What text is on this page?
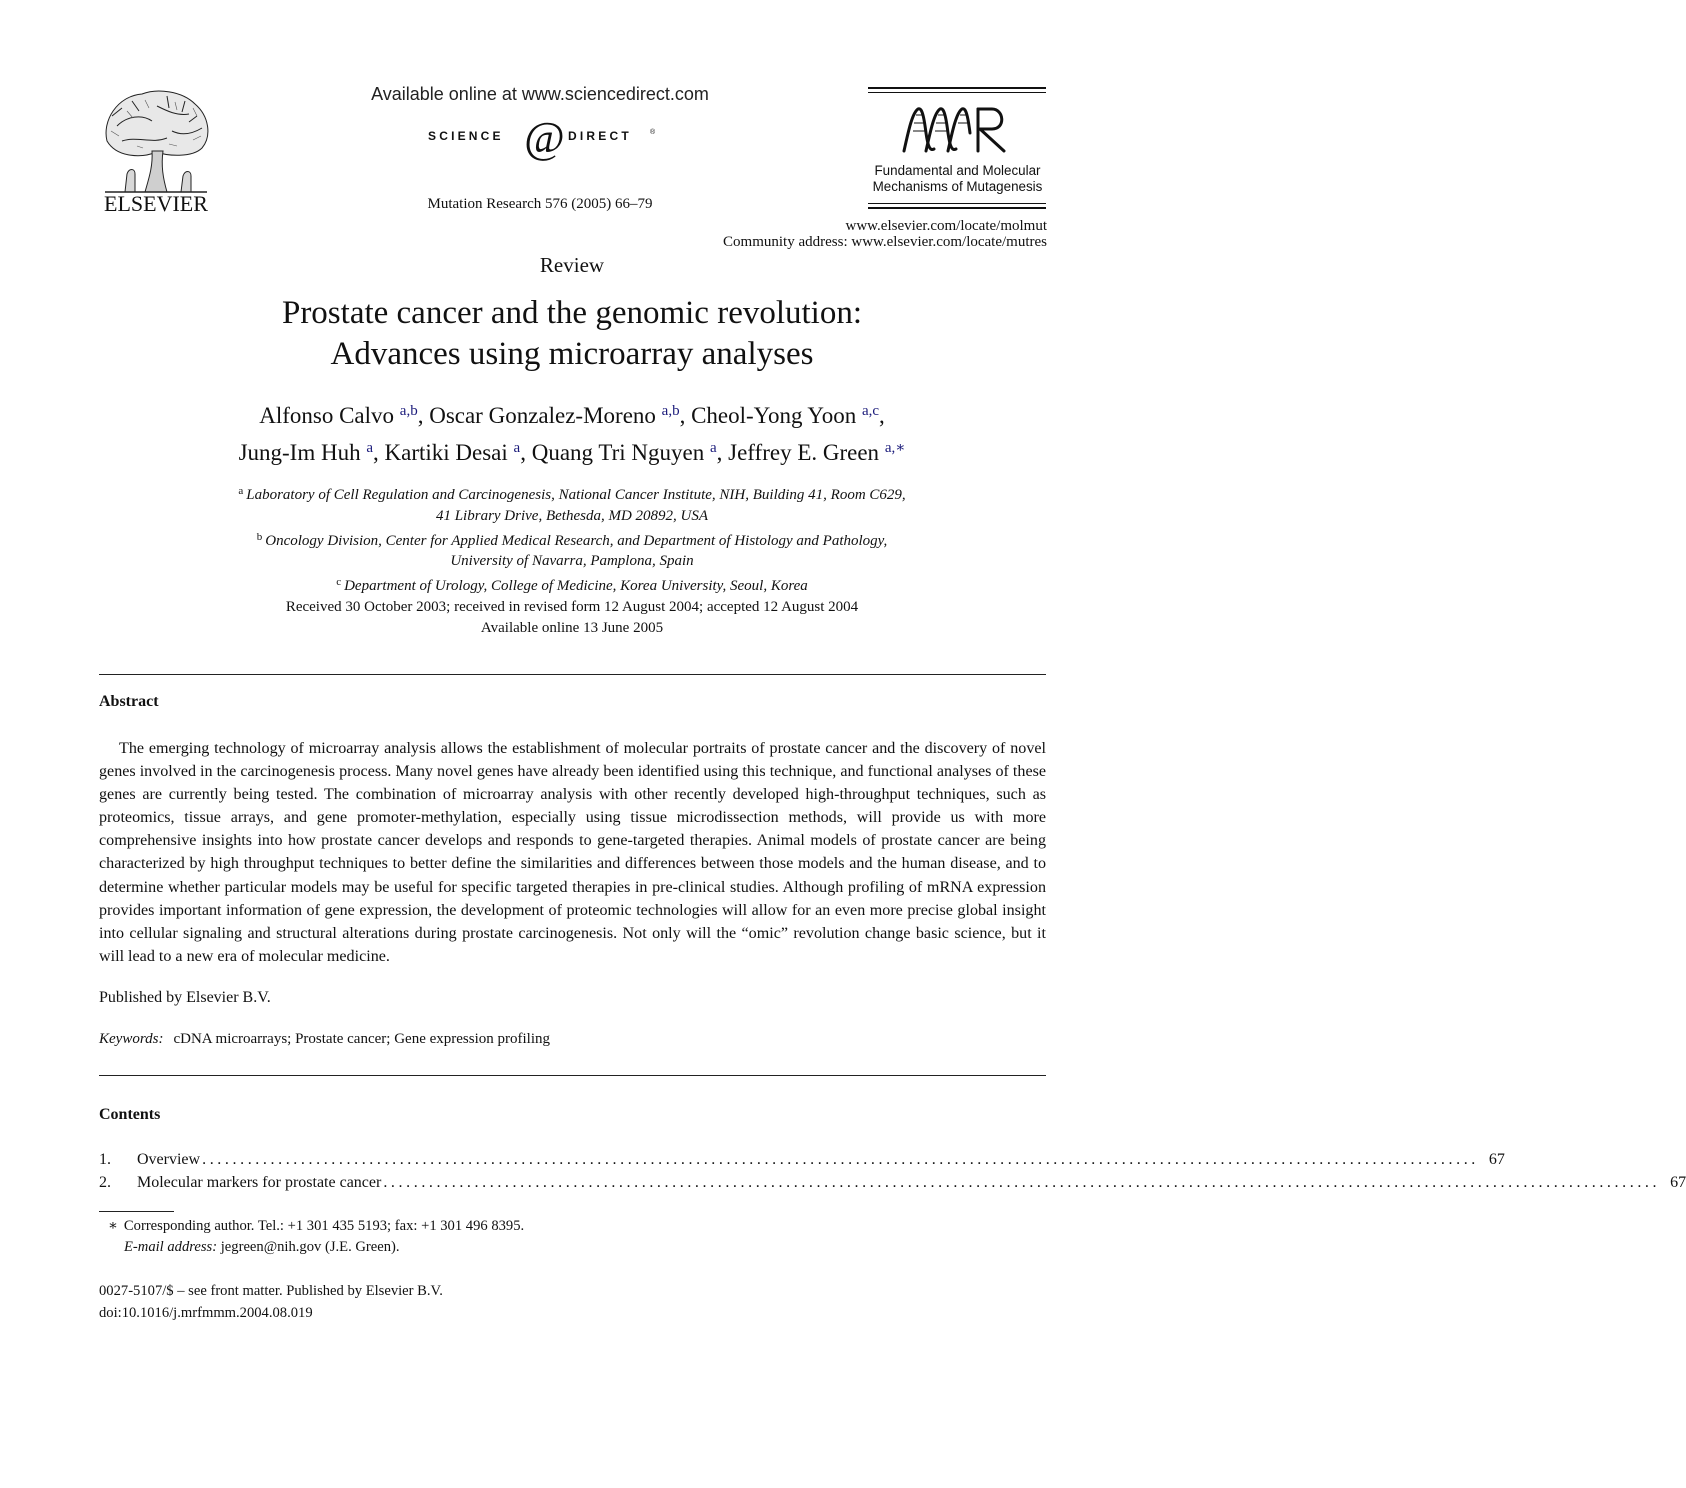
ELSEVIER
Available online at www.sciencedirect.com
SCIENCE @ DIRECT	®
Mutation Research 576 (2005) 66–79
Fundamental and Molecular
Mechanisms of Mutagenesis
www.elsevier.com/locate/molmut
Community address: www.elsevier.com/locate/mutres
Review
Prostate cancer and the genomic revolution:
Advances using microarray analyses
Alfonso Calvo $^{a,b}$, Oscar Gonzalez-Moreno $^{a,b}$, Cheol-Yong Yoon $^{a,c}$,
Jung-Im Huh $^a$, Kartiki Desai $^a$, Quang Tri Nguyen $^a$, Jeffrey E. Green $^{a,∗}$
$^a$ Laboratory of Cell Regulation and Carcinogenesis, National Cancer Institute, NIH, Building 41, Room C629,
41 Library Drive, Bethesda, MD 20892, USA
$^b$ Oncology Division, Center for Applied Medical Research, and Department of Histology and Pathology,
University of Navarra, Pamplona, Spain
$^c$ Department of Urology, College of Medicine, Korea University, Seoul, Korea
Received 30 October 2003; received in revised form 12 August 2004; accepted 12 August 2004
Available online 13 June 2005
Abstract
The emerging technology of microarray analysis allows the establishment of molecular portraits of prostate cancer and the discovery of novel genes involved in the carcinogenesis process. Many novel genes have already been identified using this technique, and functional analyses of these genes are currently being tested. The combination of microarray analysis with other recently developed high-throughput techniques, such as proteomics, tissue arrays, and gene promoter-methylation, especially using tissue microdissection methods, will provide us with more comprehensive insights into how prostate cancer develops and responds to gene-targeted therapies. Animal models of prostate cancer are being characterized by high throughput techniques to better define the similarities and differences between those models and the human disease, and to determine whether particular models may be useful for specific targeted therapies in pre-clinical studies. Although profiling of mRNA expression provides important information of gene expression, the development of proteomic technologies will allow for an even more precise global insight into cellular signaling and structural alterations during prostate carcinogenesis. Not only will the “omic” revolution change basic science, but it will lead to a new era of molecular medicine.
Published by Elsevier B.V.
Keywords: cDNA microarrays; Prostate cancer; Gene expression profiling
Contents
1.	Overview ........................................................................................................................................................................ 67
2.	Molecular markers for prostate cancer ........................................................................................................................................................................ 67
∗ Corresponding author. Tel.: +1 301 435 5193; fax: +1 301 496 8395.
E-mail address: jegreen@nih.gov (J.E. Green).
0027-5107/$ – see front matter. Published by Elsevier B.V.
doi:10.1016/j.mrfmmm.2004.08.019
